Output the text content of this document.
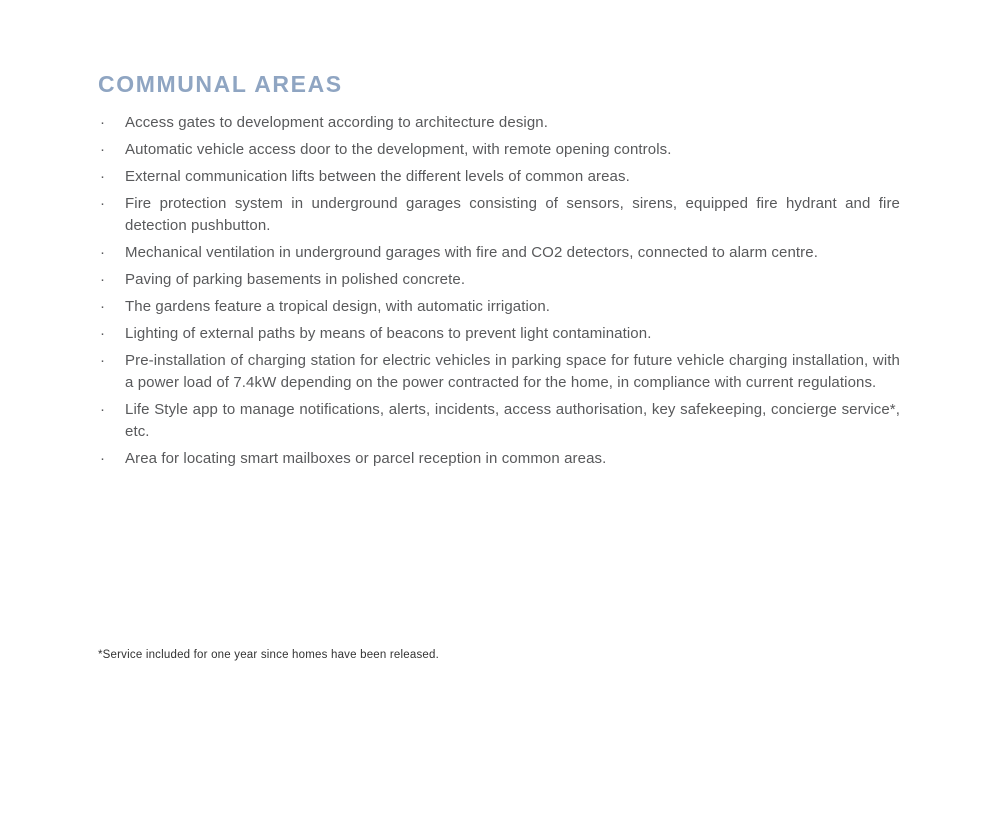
COMMUNAL AREAS
· Access gates to development according to architecture design.
· Automatic vehicle access door to the development, with remote opening controls.
· External communication lifts between the different levels of common areas.
· Fire protection system in underground garages consisting of sensors, sirens, equipped fire hydrant and fire detection pushbutton.
· Mechanical ventilation in underground garages with fire and CO2 detectors, connected to alarm centre.
· Paving of parking basements in polished concrete.
· The gardens feature a tropical design, with automatic irrigation.
· Lighting of external paths by means of beacons to prevent light contamination.
· Pre-installation of charging station for electric vehicles in parking space for future vehicle charging installation, with a power load of 7.4kW depending on the power contracted for the home, in compliance with current regulations.
· Life Style app to manage notifications, alerts, incidents, access authorisation, key safekeeping, concierge service*, etc.
· Area for locating smart mailboxes or parcel reception in common areas.
*Service included for one year since homes have been released.
